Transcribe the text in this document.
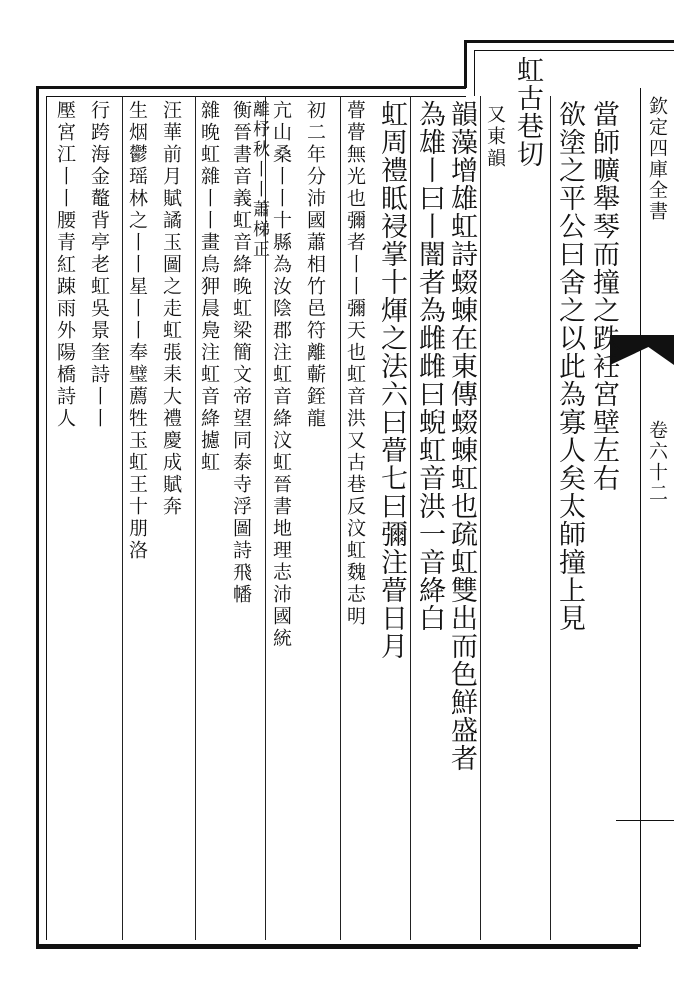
欽定四庫全書
卷六十二
當師曠舉琴而撞之跌衽宮壁左右
欲塗之平公曰舍之以此為寡人矣太師撞上見
虹古巷切
又東韻
韻藻增雄虹詩蝃蝀在東傳蝃蝀虹也疏虹雙出而色鮮盛者
為雄丨曰丨闇者為雌雌曰蜺虹音洪一音絳白
虹周禮眡祲掌十煇之法六曰瞢七曰彌注瞢日月
瞢瞢無光也彌者丨丨彌天也虹音洪又古巷反汶虹魏志明
初二年分沛國蕭相竹邑符離蘄銍龍
亢山桑丨丨十縣為汝陰郡注虹音絳汶虹晉書地理志沛國統
衡晉書音義虹音絳晚虹梁簡文帝望同泰寺浮圖詩飛幡
雜晚虹雜丨丨畫鳥狎晨鳧注虹音絳攄虹 離杼秋丨丨蕭梯正
汪華前月賦譎玉圖之走虹張耒大禮慶成賦奔
生烟鬱瑶林之丨丨星丨丨奉璧薦牲玉虹王十朋洛
行跨海金鼇背亭老虹吳景奎詩丨丨
壓宮江丨丨腰青紅踈雨外陽橋詩人
